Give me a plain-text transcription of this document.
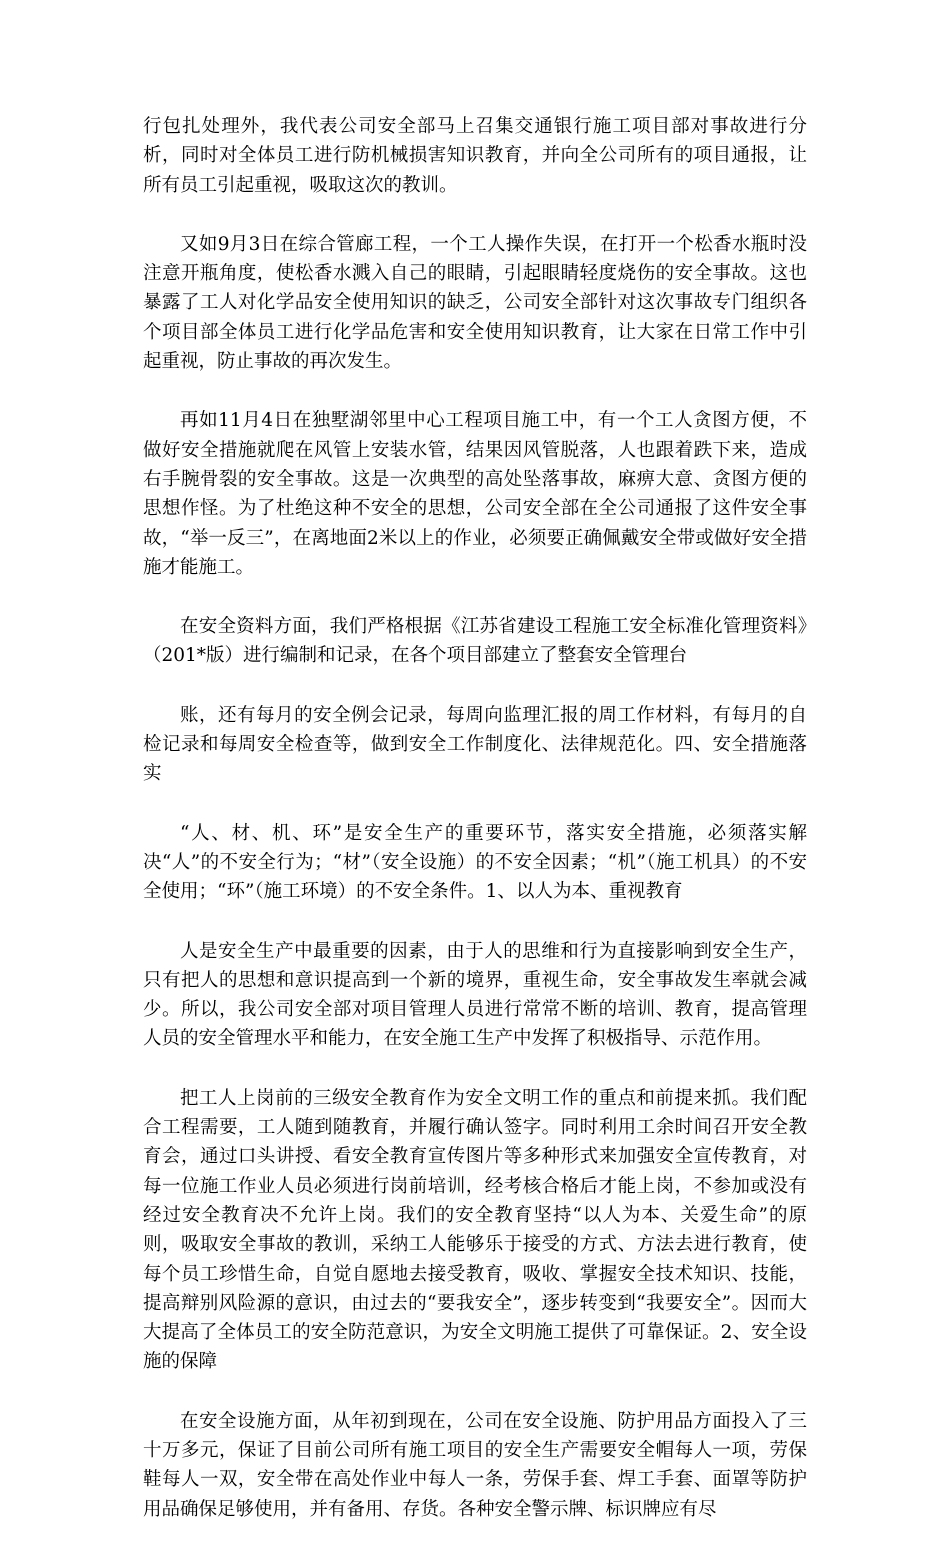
行包扎处理外，我代表公司安全部马上召集交通银行施工项目部对事故进行分析，同时对全体员工进行防机械损害知识教育，并向全公司所有的项目通报，让所有员工引起重视，吸取这次的教训。

又如9月3日在综合管廊工程，一个工人操作失误，在打开一个松香水瓶时没注意开瓶角度，使松香水溅入自己的眼睛，引起眼睛轻度烧伤的安全事故。这也暴露了工人对化学品安全使用知识的缺乏，公司安全部针对这次事故专门组织各个项目部全体员工进行化学品危害和安全使用知识教育，让大家在日常工作中引起重视，防止事故的再次发生。

再如11月4日在独墅湖邻里中心工程项目施工中，有一个工人贪图方便，不做好安全措施就爬在风管上安装水管，结果因风管脱落，人也跟着跌下来，造成右手腕骨裂的安全事故。这是一次典型的高处坠落事故，麻痹大意、贪图方便的思想作怪。为了杜绝这种不安全的思想，公司安全部在全公司通报了这件安全事故，“举一反三”，在离地面2米以上的作业，必须要正确佩戴安全带或做好安全措施才能施工。

在安全资料方面，我们严格根据《江苏省建设工程施工安全标准化管理资料》（201*版）进行编制和记录，在各个项目部建立了整套安全管理台

账，还有每月的安全例会记录，每周向监理汇报的周工作材料，有每月的自检记录和每周安全检查等，做到安全工作制度化、法律规范化。四、安全措施落实

“人、材、机、环”是安全生产的重要环节，落实安全措施，必须落实解决“人”的不安全行为；“材”（安全设施）的不安全因素；“机”（施工机具）的不安全使用；“环”（施工环境）的不安全条件。1、以人为本、重视教育

人是安全生产中最重要的因素，由于人的思维和行为直接影响到安全生产，只有把人的思想和意识提高到一个新的境界，重视生命，安全事故发生率就会减少。所以，我公司安全部对项目管理人员进行常常不断的培训、教育，提高管理人员的安全管理水平和能力，在安全施工生产中发挥了积极指导、示范作用。

把工人上岗前的三级安全教育作为安全文明工作的重点和前提来抓。我们配合工程需要，工人随到随教育，并履行确认签字。同时利用工余时间召开安全教育会，通过口头讲授、看安全教育宣传图片等多种形式来加强安全宣传教育，对每一位施工作业人员必须进行岗前培训，经考核合格后才能上岗，不参加或没有经过安全教育决不允许上岗。我们的安全教育坚持“以人为本、关爱生命”的原则，吸取安全事故的教训，采纳工人能够乐于接受的方式、方法去进行教育，使每个员工珍惜生命，自觉自愿地去接受教育，吸收、掌握安全技术知识、技能，提高辩别风险源的意识，由过去的“要我安全”，逐步转变到“我要安全”。因而大大提高了全体员工的安全防范意识，为安全文明施工提供了可靠保证。2、安全设施的保障

在安全设施方面，从年初到现在，公司在安全设施、防护用品方面投入了三十万多元，保证了目前公司所有施工项目的安全生产需要安全帽每人一项，劳保鞋每人一双，安全带在高处作业中每人一条，劳保手套、焊工手套、面罩等防护用品确保足够使用，并有备用、存货。各种安全警示牌、标识牌应有尽
